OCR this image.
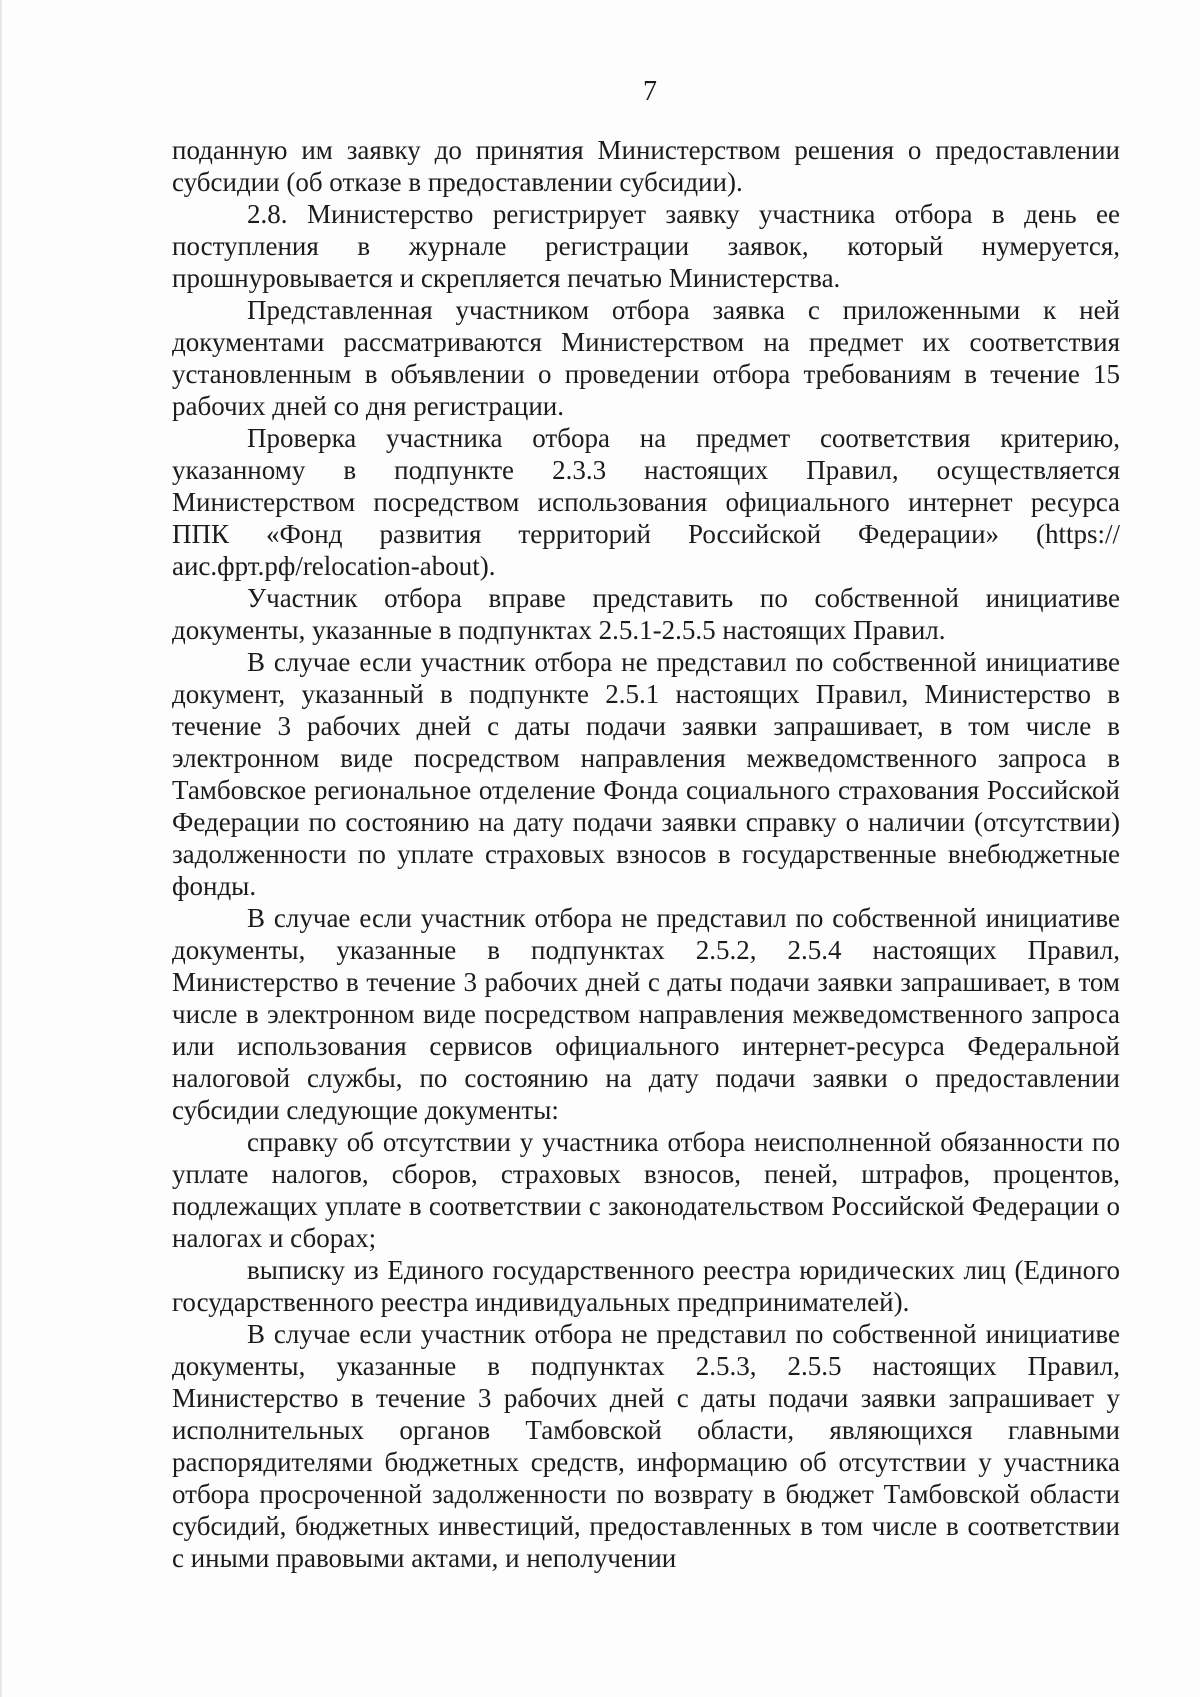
7

поданную им заявку до принятия Министерством решения о предоставлении субсидии (об отказе в предоставлении субсидии).

2.8. Министерство регистрирует заявку участника отбора в день ее поступления в журнале регистрации заявок, который нумеруется, прошнуровывается и скрепляется печатью Министерства.

Представленная участником отбора заявка с приложенными к ней документами рассматриваются Министерством на предмет их соответствия установленным в объявлении о проведении отбора требованиям в течение 15 рабочих дней со дня регистрации.

Проверка участника отбора на предмет соответствия критерию, указанному в подпункте 2.3.3 настоящих Правил, осуществляется Министерством посредством использования официального интернет ресурса ППК «Фонд развития территорий Российской Федерации» (https://аис.фрт.рф/relocation-about).

Участник отбора вправе представить по собственной инициативе документы, указанные в подпунктах 2.5.1-2.5.5 настоящих Правил.

В случае если участник отбора не представил по собственной инициативе документ, указанный в подпункте 2.5.1 настоящих Правил, Министерство в течение 3 рабочих дней с даты подачи заявки запрашивает, в том числе в электронном виде посредством направления межведомственного запроса в Тамбовское региональное отделение Фонда социального страхования Российской Федерации по состоянию на дату подачи заявки справку о наличии (отсутствии) задолженности по уплате страховых взносов в государственные внебюджетные фонды.

В случае если участник отбора не представил по собственной инициативе документы, указанные в подпунктах 2.5.2, 2.5.4 настоящих Правил, Министерство в течение 3 рабочих дней с даты подачи заявки запрашивает, в том числе в электронном виде посредством направления межведомственного запроса или использования сервисов официального интернет-ресурса Федеральной налоговой службы, по состоянию на дату подачи заявки о предоставлении субсидии следующие документы:

справку об отсутствии у участника отбора неисполненной обязанности по уплате налогов, сборов, страховых взносов, пеней, штрафов, процентов, подлежащих уплате в соответствии с законодательством Российской Федерации о налогах и сборах;

выписку из Единого государственного реестра юридических лиц (Единого государственного реестра индивидуальных предпринимателей).

В случае если участник отбора не представил по собственной инициативе документы, указанные в подпунктах 2.5.3, 2.5.5 настоящих Правил, Министерство в течение 3 рабочих дней с даты подачи заявки запрашивает у исполнительных органов Тамбовской области, являющихся главными распорядителями бюджетных средств, информацию об отсутствии у участника отбора просроченной задолженности по возврату в бюджет Тамбовской области субсидий, бюджетных инвестиций, предоставленных в том числе в соответствии с иными правовыми актами, и неполучении
